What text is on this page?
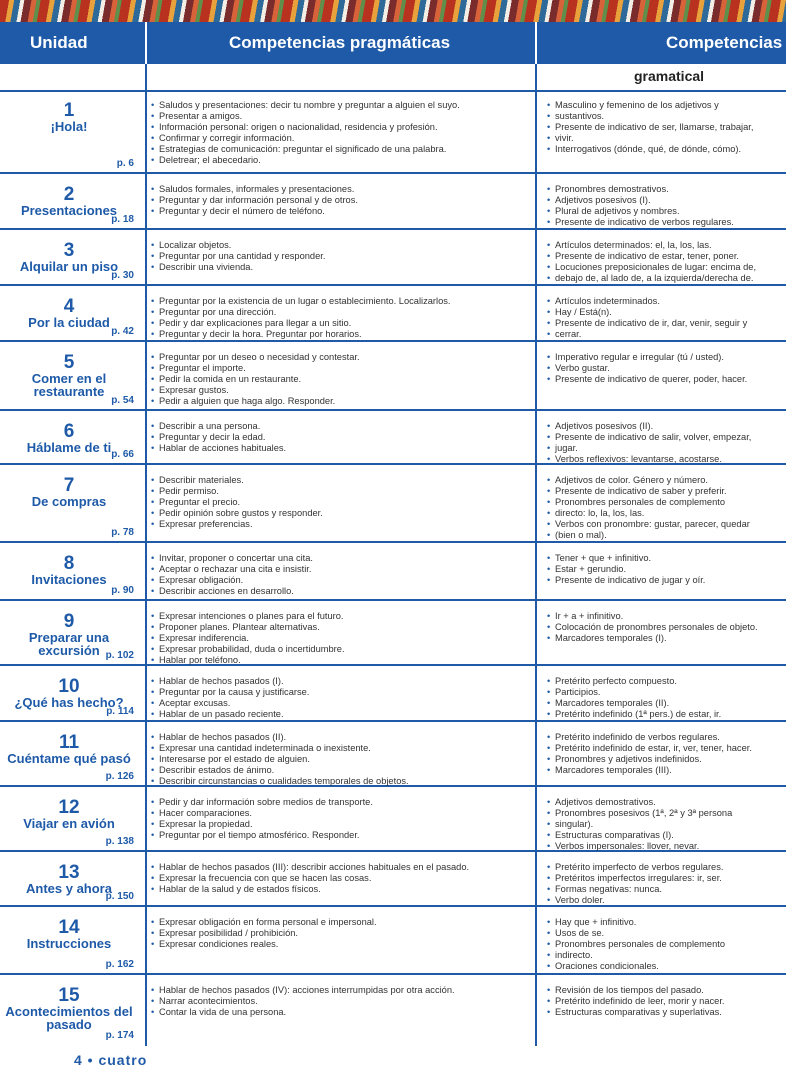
Unidad	Competencias pragmáticas	Competencias
gramatical
1
¡Hola!
p. 6
• Saludos y presentaciones: decir tu nombre y preguntar a alguien el suyo.
• Presentar a amigos.
• Información personal: origen o nacionalidad, residencia y profesión.
• Confirmar y corregir información.
• Estrategias de comunicación: preguntar el significado de una palabra.
• Deletrear; el abecedario.
• Masculino y femenino de los adjetivos y
• sustantivos.
• Presente de indicativo de ser, llamarse, trabajar,
• vivir.
• Interrogativos (dónde, qué, de dónde, cómo).
2
Presentaciones
p. 18
• Saludos formales, informales y presentaciones.
• Preguntar y dar información personal y de otros.
• Preguntar y decir el número de teléfono.
• Pronombres demostrativos.
• Adjetivos posesivos (I).
• Plural de adjetivos y nombres.
• Presente de indicativo de verbos regulares.
3
Alquilar un piso
p. 30
• Localizar objetos.
• Preguntar por una cantidad y responder.
• Describir una vivienda.
• Artículos determinados: el, la, los, las.
• Presente de indicativo de estar, tener, poner.
• Locuciones preposicionales de lugar: encima de,
• debajo de, al lado de, a la izquierda/derecha de.
4
Por la ciudad
p. 42
• Preguntar por la existencia de un lugar o establecimiento. Localizarlos.
• Preguntar por una dirección.
• Pedir y dar explicaciones para llegar a un sitio.
• Preguntar y decir la hora. Preguntar por horarios.
• Artículos indeterminados.
• Hay / Está(n).
• Presente de indicativo de ir, dar, venir, seguir y
• cerrar.
5
Comer en el restaurante
p. 54
• Preguntar por un deseo o necesidad y contestar.
• Preguntar el importe.
• Pedir la comida en un restaurante.
• Expresar gustos.
• Pedir a alguien que haga algo. Responder.
• Imperativo regular e irregular (tú / usted).
• Verbo gustar.
• Presente de indicativo de querer, poder, hacer.
6
Háblame de ti p. 66
• Describir a una persona.
• Preguntar y decir la edad.
• Hablar de acciones habituales.
• Adjetivos posesivos (II).
• Presente de indicativo de salir, volver, empezar,
• jugar.
• Verbos reflexivos: levantarse, acostarse.
7
De compras
p. 78
• Describir materiales.
• Pedir permiso.
• Preguntar el precio.
• Pedir opinión sobre gustos y responder.
• Expresar preferencias.
• Adjetivos de color. Género y número.
• Presente de indicativo de saber y preferir.
• Pronombres personales de complemento
• directo: lo, la, los, las.
• Verbos con pronombre: gustar, parecer, quedar
• (bien o mal).
8
Invitaciones
p. 90
• Invitar, proponer o concertar una cita.
• Aceptar o rechazar una cita e insistir.
• Expresar obligación.
• Describir acciones en desarrollo.
• Tener + que + infinitivo.
• Estar + gerundio.
• Presente de indicativo de jugar y oír.
9
Preparar una excursión p. 102
• Expresar intenciones o planes para el futuro.
• Proponer planes. Plantear alternativas.
• Expresar indiferencia.
• Expresar probabilidad, duda o incertidumbre.
• Hablar por teléfono.
• Ir + a + infinitivo.
• Colocación de pronombres personales de objeto.
• Marcadores temporales (I).
10
¿Qué has hecho?
p. 114
• Hablar de hechos pasados (I).
• Preguntar por la causa y justificarse.
• Aceptar excusas.
• Hablar de un pasado reciente.
• Pretérito perfecto compuesto.
• Participios.
• Marcadores temporales (II).
• Pretérito indefinido (1ª pers.) de estar, ir.
11
Cuéntame qué pasó
p. 126
• Hablar de hechos pasados (II).
• Expresar una cantidad indeterminada o inexistente.
• Interesarse por el estado de alguien.
• Describir estados de ánimo.
• Describir circunstancias o cualidades temporales de objetos.
• Pretérito indefinido de verbos regulares.
• Pretérito indefinido de estar, ir, ver, tener, hacer.
• Pronombres y adjetivos indefinidos.
• Marcadores temporales (III).
12
Viajar en avión
p. 138
• Pedir y dar información sobre medios de transporte.
• Hacer comparaciones.
• Expresar la propiedad.
• Preguntar por el tiempo atmosférico. Responder.
• Adjetivos demostrativos.
• Pronombres posesivos (1ª, 2ª y 3ª persona
• singular).
• Estructuras comparativas (I).
• Verbos impersonales: llover, nevar.
13
Antes y ahora
p. 150
• Hablar de hechos pasados (III): describir acciones habituales en el pasado.
• Expresar la frecuencia con que se hacen las cosas.
• Hablar de la salud y de estados físicos.
• Pretérito imperfecto de verbos regulares.
• Pretéritos imperfectos irregulares: ir, ser.
• Formas negativas: nunca.
• Verbo doler.
14
Instrucciones
p. 162
• Expresar obligación en forma personal e impersonal.
• Expresar posibilidad / prohibición.
• Expresar condiciones reales.
• Hay que + infinitivo.
• Usos de se.
• Pronombres personales de complemento
• indirecto.
• Oraciones condicionales.
15
Acontecimientos del pasado
p. 174
• Hablar de hechos pasados (IV): acciones interrumpidas por otra acción.
• Narrar acontecimientos.
• Contar la vida de una persona.
• Revisión de los tiempos del pasado.
• Pretérito indefinido de leer, morir y nacer.
• Estructuras comparativas y superlativas.
4 • cuatro
